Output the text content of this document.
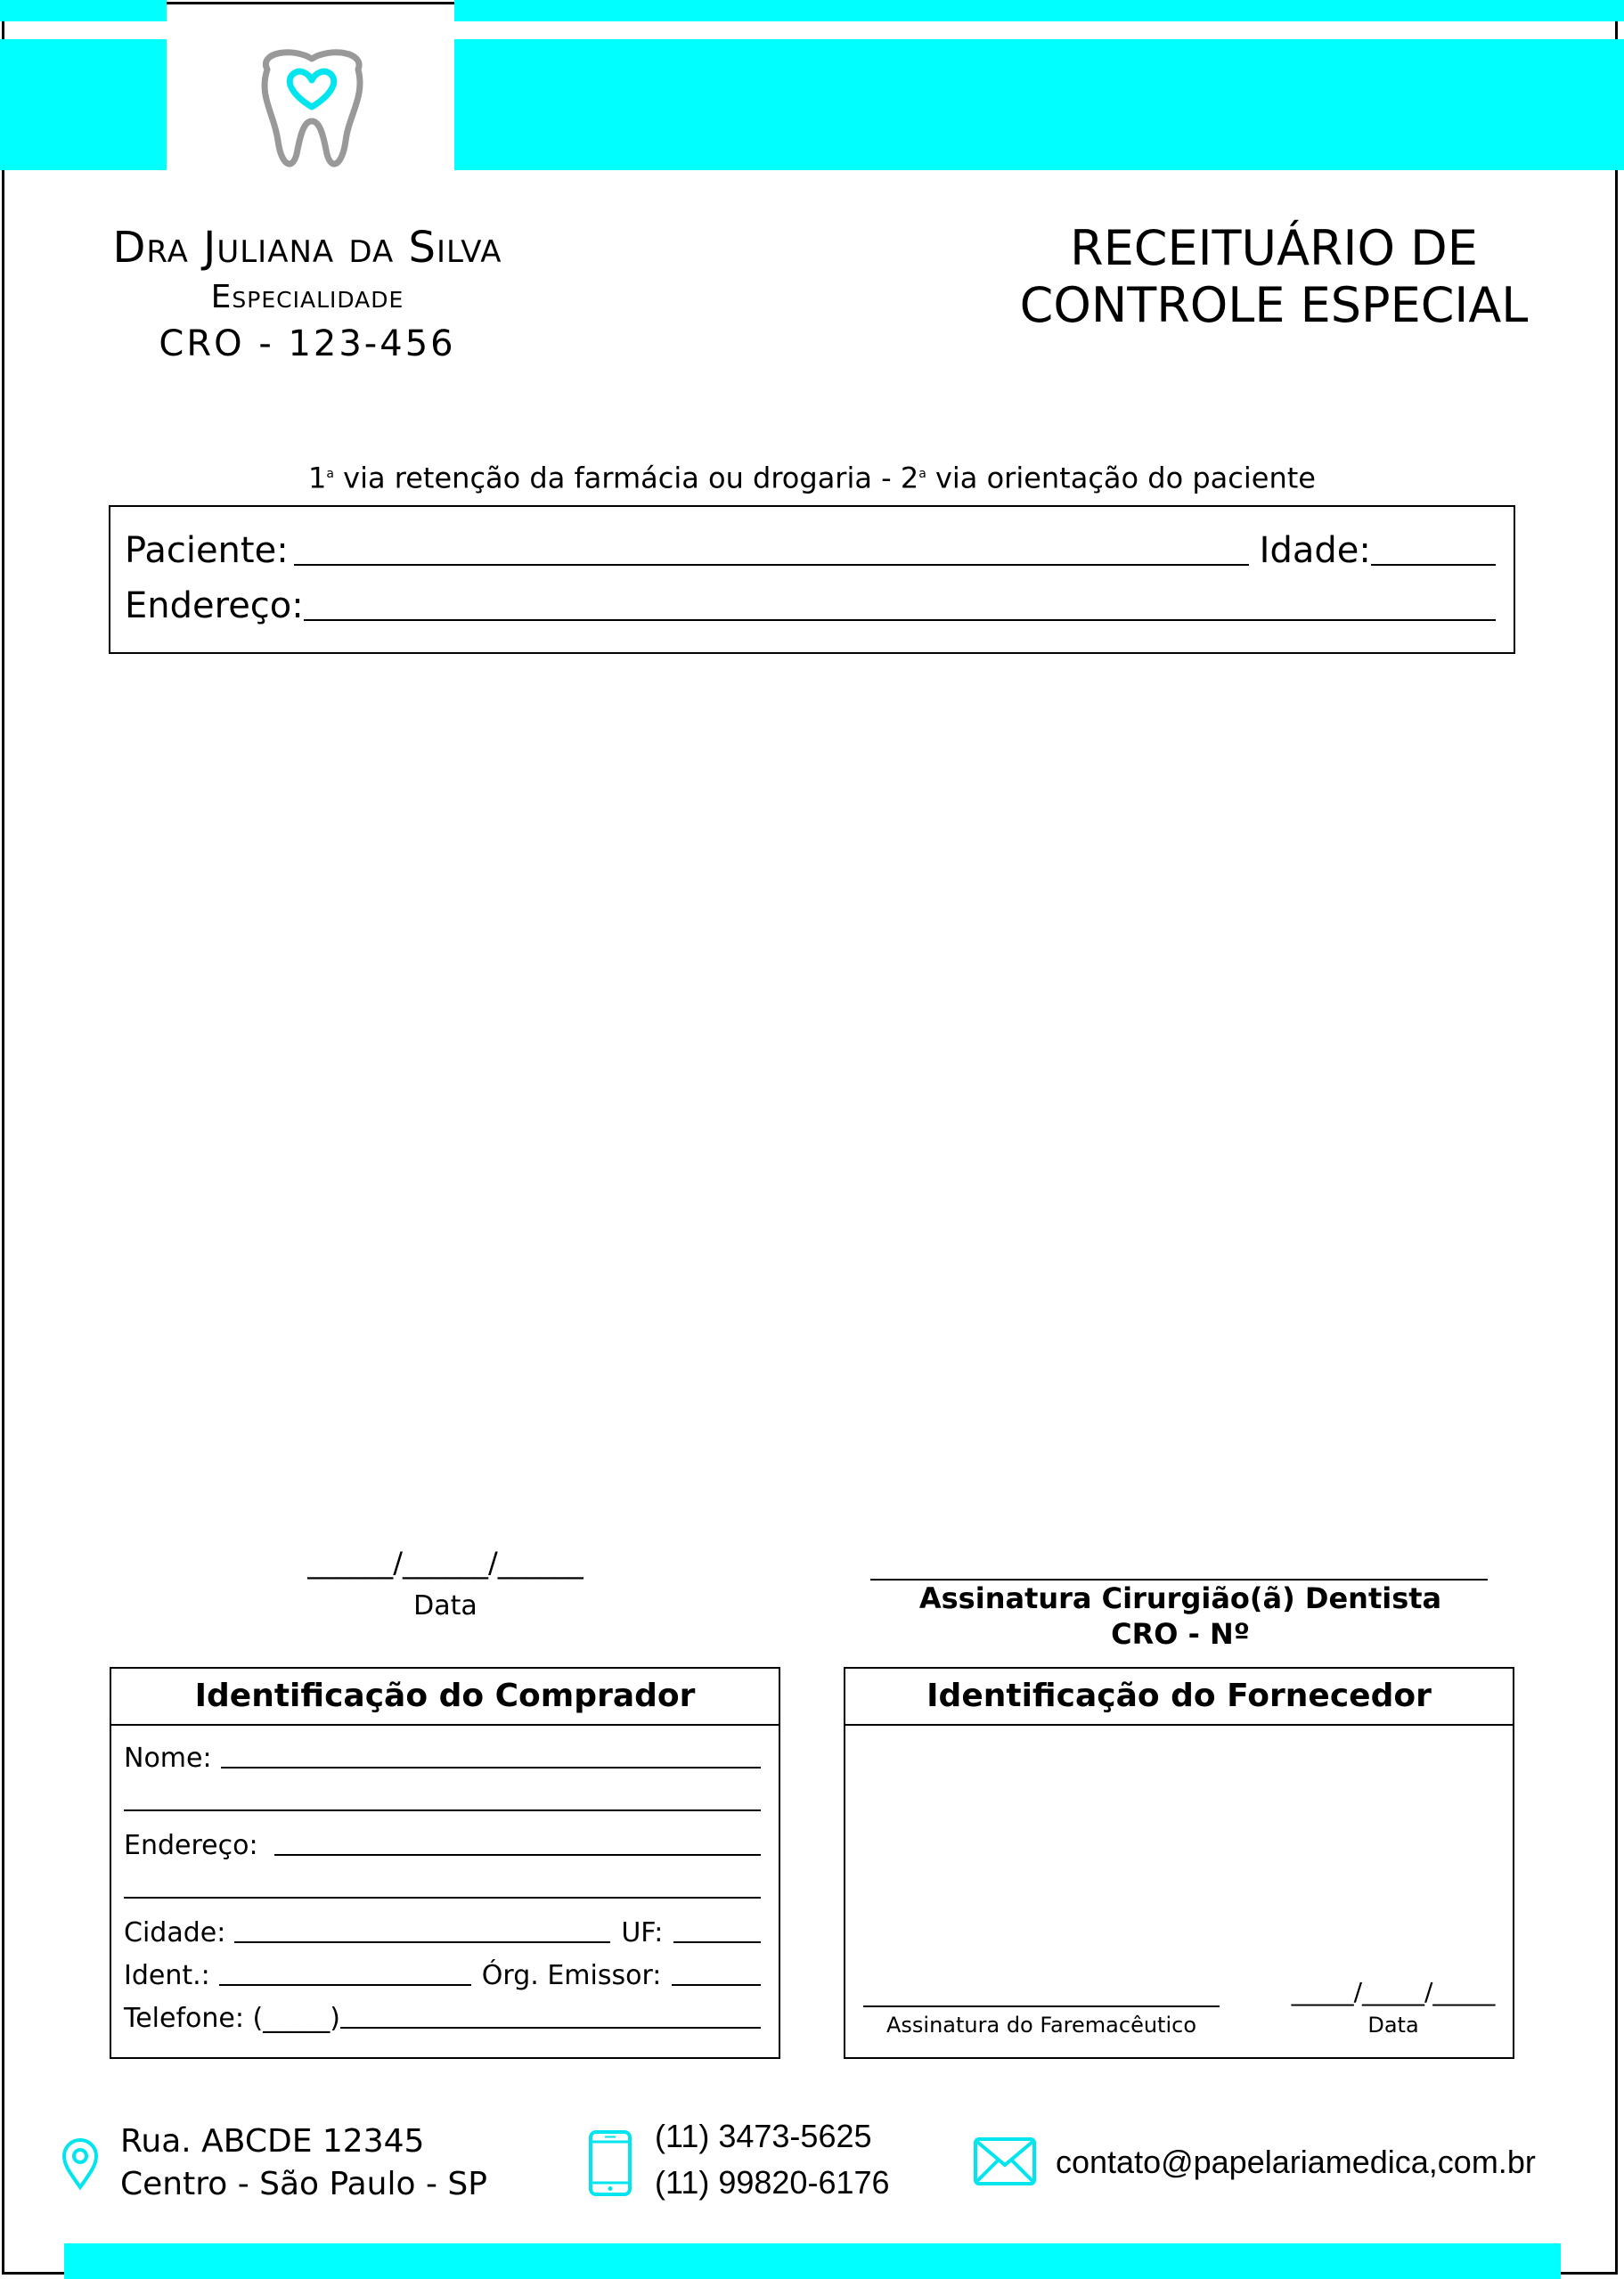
Dra Juliana da Silva
Especialidade
CRO - 123-456
RECEITUÁRIO DE
CONTROLE ESPECIAL
1$^a$ via retenção da farmácia ou drogaria - 2$^a$ via orientação do paciente
Paciente:	Idade:
Endereço:
______/______/______
Data	Assinatura Cirurgião(ã) Dentista
CRO - Nº
Identificação do Comprador
Nome:
Endereço:
Cidade:	UF:
Ident.:	Órg. Emissor:
Telefone: (_____)
Identificação do Fornecedor
Assinatura do Faremacêutico
_____/_____/_____
Data
Rua. ABCDE 12345
Centro - São Paulo - SP
(11) 3473-5625
(11) 99820-6176
contato@papelariamedica,com.br
